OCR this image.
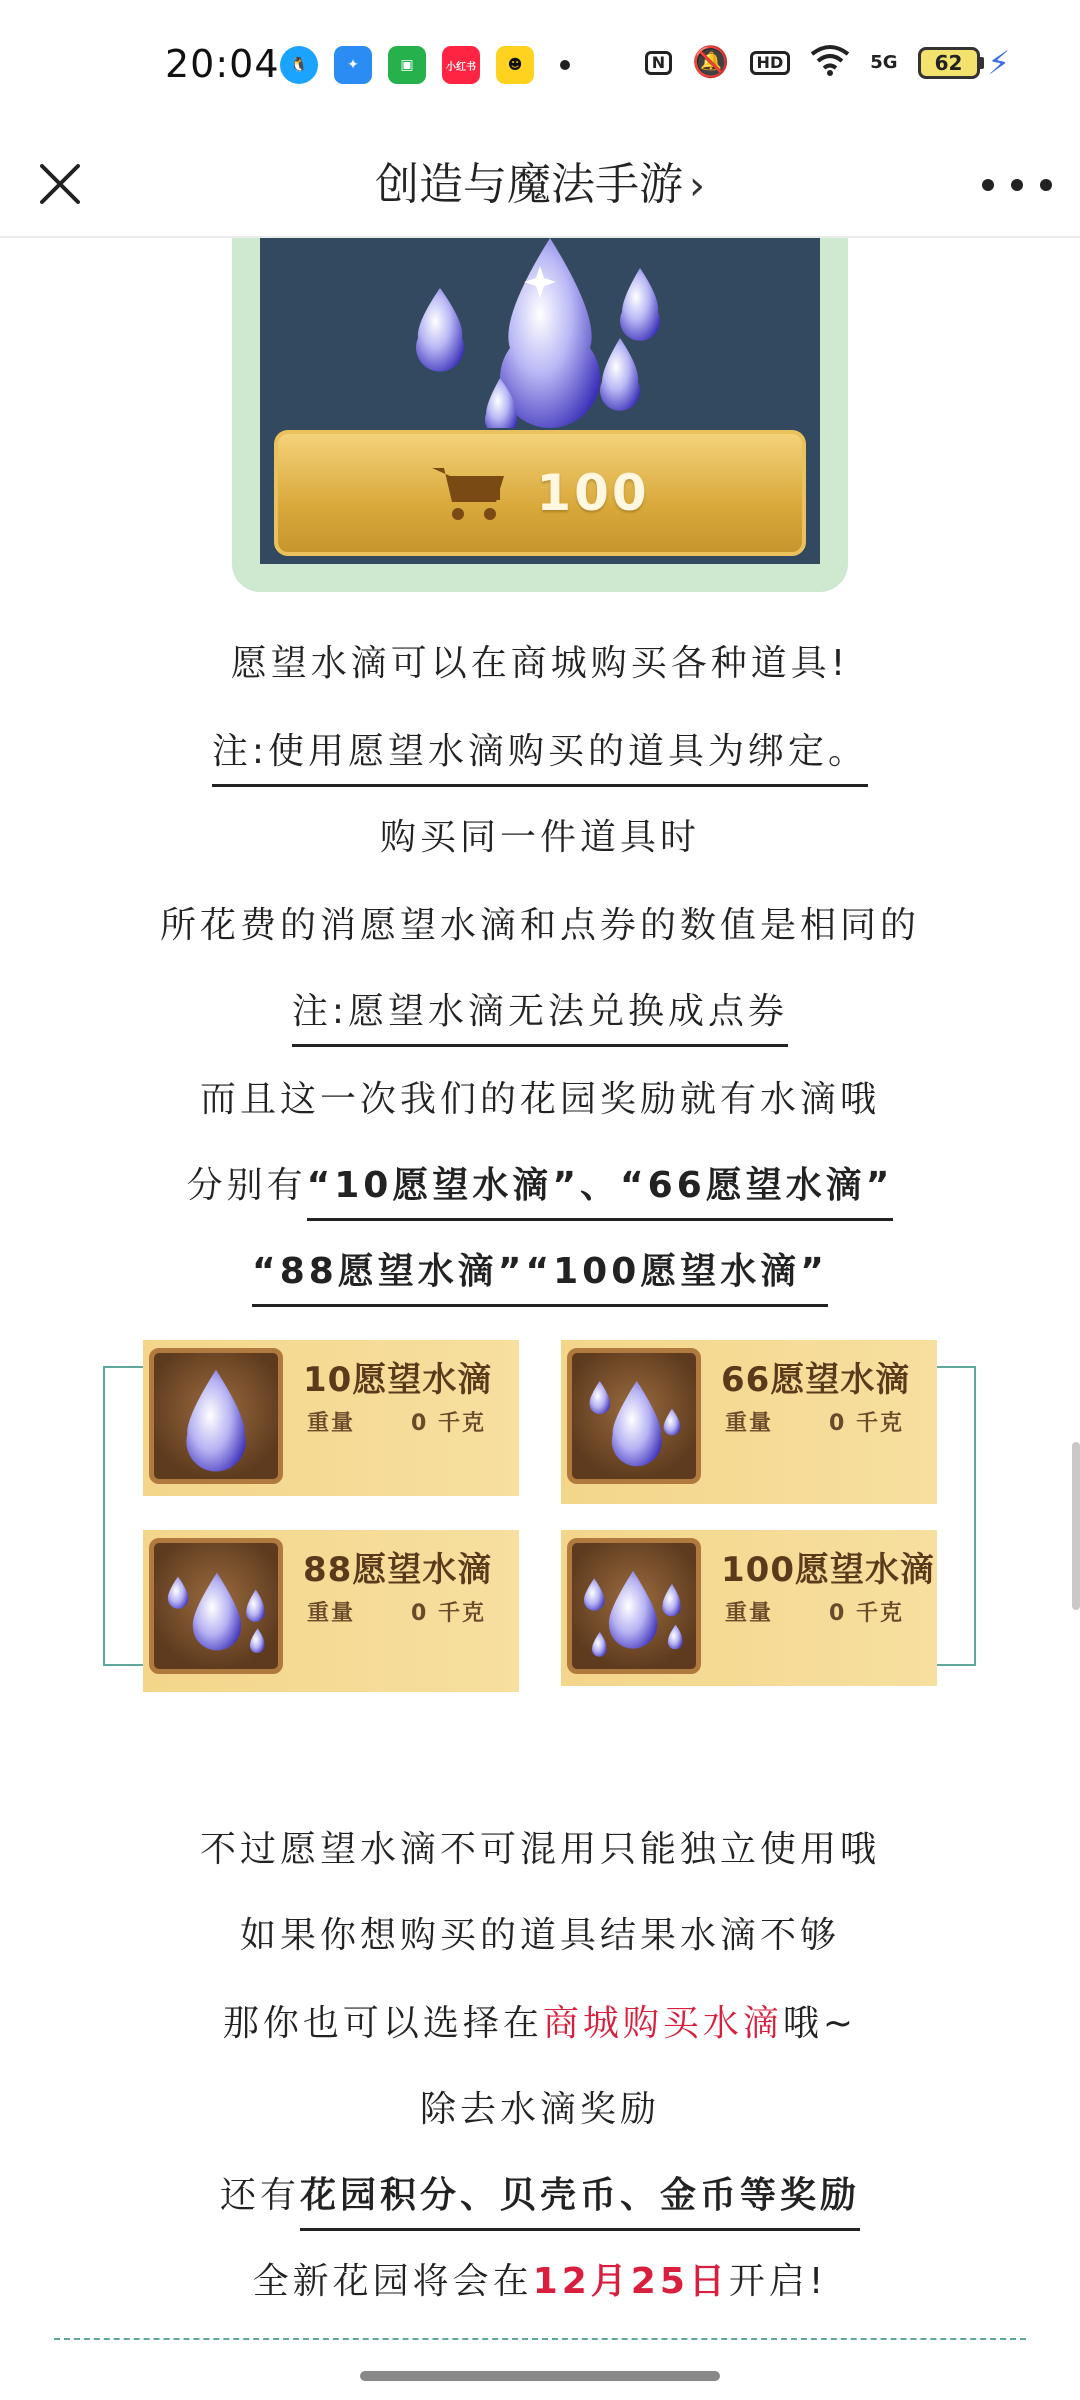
20:04 🐧	✦	▣	小红书	☻	N 🔕	HD	5G	62 ⚡
创造与魔法手游 ›
100
愿望水滴可以在商城购买各种道具!
注:使用愿望水滴购买的道具为绑定。
购买同一件道具时
所花费的消愿望水滴和点券的数值是相同的
注:愿望水滴无法兑换成点券
而且这一次我们的花园奖励就有水滴哦
分别有“10愿望水滴”、“66愿望水滴”
“88愿望水滴”“100愿望水滴”
10愿望水滴
重量	0 千克
66愿望水滴
重量	0 千克
88愿望水滴
重量	0 千克
100愿望水滴
重量	0 千克
不过愿望水滴不可混用只能独立使用哦
如果你想购买的道具结果水滴不够
那你也可以选择在商城购买水滴哦~
除去水滴奖励
还有花园积分、贝壳币、金币等奖励
全新花园将会在12月25日开启!
